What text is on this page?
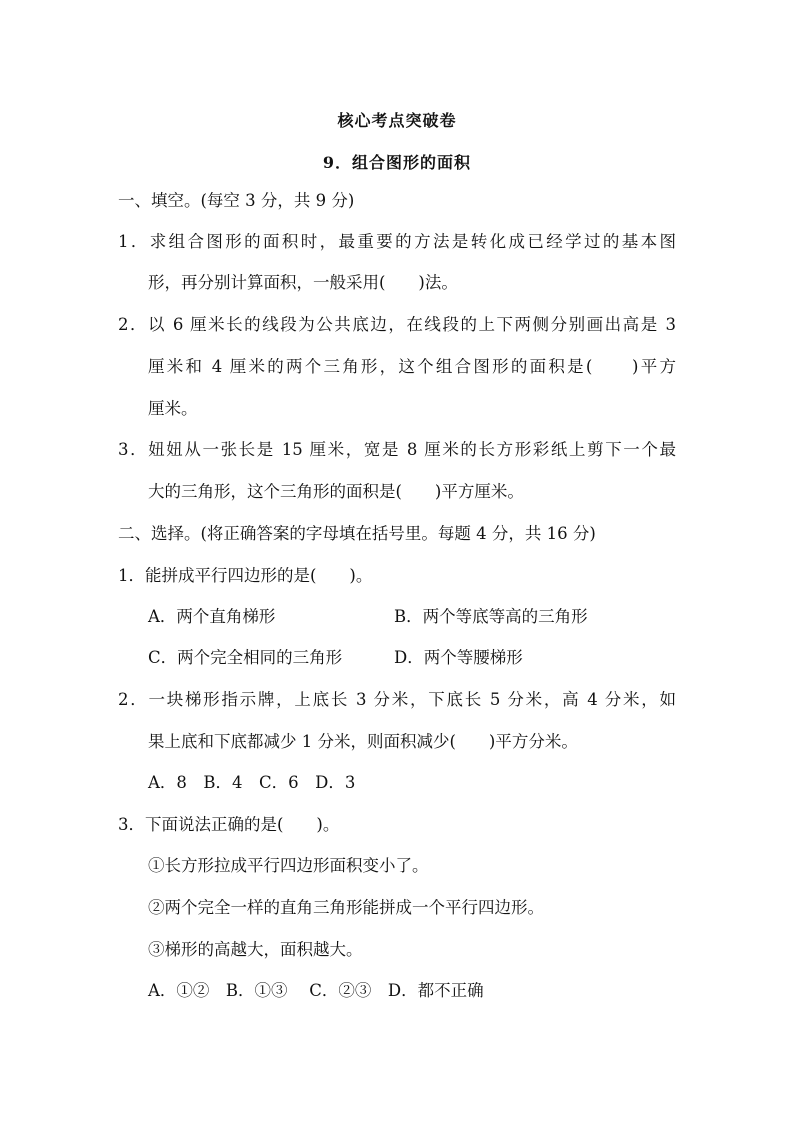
核心考点突破卷
9．组合图形的面积
一、填空。(每空 3 分，共 9 分)
1．求组合图形的面积时，最重要的方法是转化成已经学过的基本图
形，再分别计算面积，一般采用(　　)法。
2．以 6 厘米长的线段为公共底边，在线段的上下两侧分别画出高是 3
厘米和 4 厘米的两个三角形，这个组合图形的面积是(　　)平方
厘米。
3．妞妞从一张长是 15 厘米，宽是 8 厘米的长方形彩纸上剪下一个最
大的三角形，这个三角形的面积是(　　)平方厘米。
二、选择。(将正确答案的字母填在括号里。每题 4 分，共 16 分)
1．能拼成平行四边形的是(　　)。
A．两个直角梯形	B．两个等底等高的三角形
C．两个完全相同的三角形	D．两个等腰梯形
2．一块梯形指示牌，上底长 3 分米，下底长 5 分米，高 4 分米，如
果上底和下底都减少 1 分米，则面积减少(　　)平方分米。
A．8　B．4　C．6　D．3
3．下面说法正确的是(　　)。
①长方形拉成平行四边形面积变小了。
②两个完全一样的直角三角形能拼成一个平行四边形。
③梯形的高越大，面积越大。
A．①②　B．①③　 C．②③　D．都不正确
